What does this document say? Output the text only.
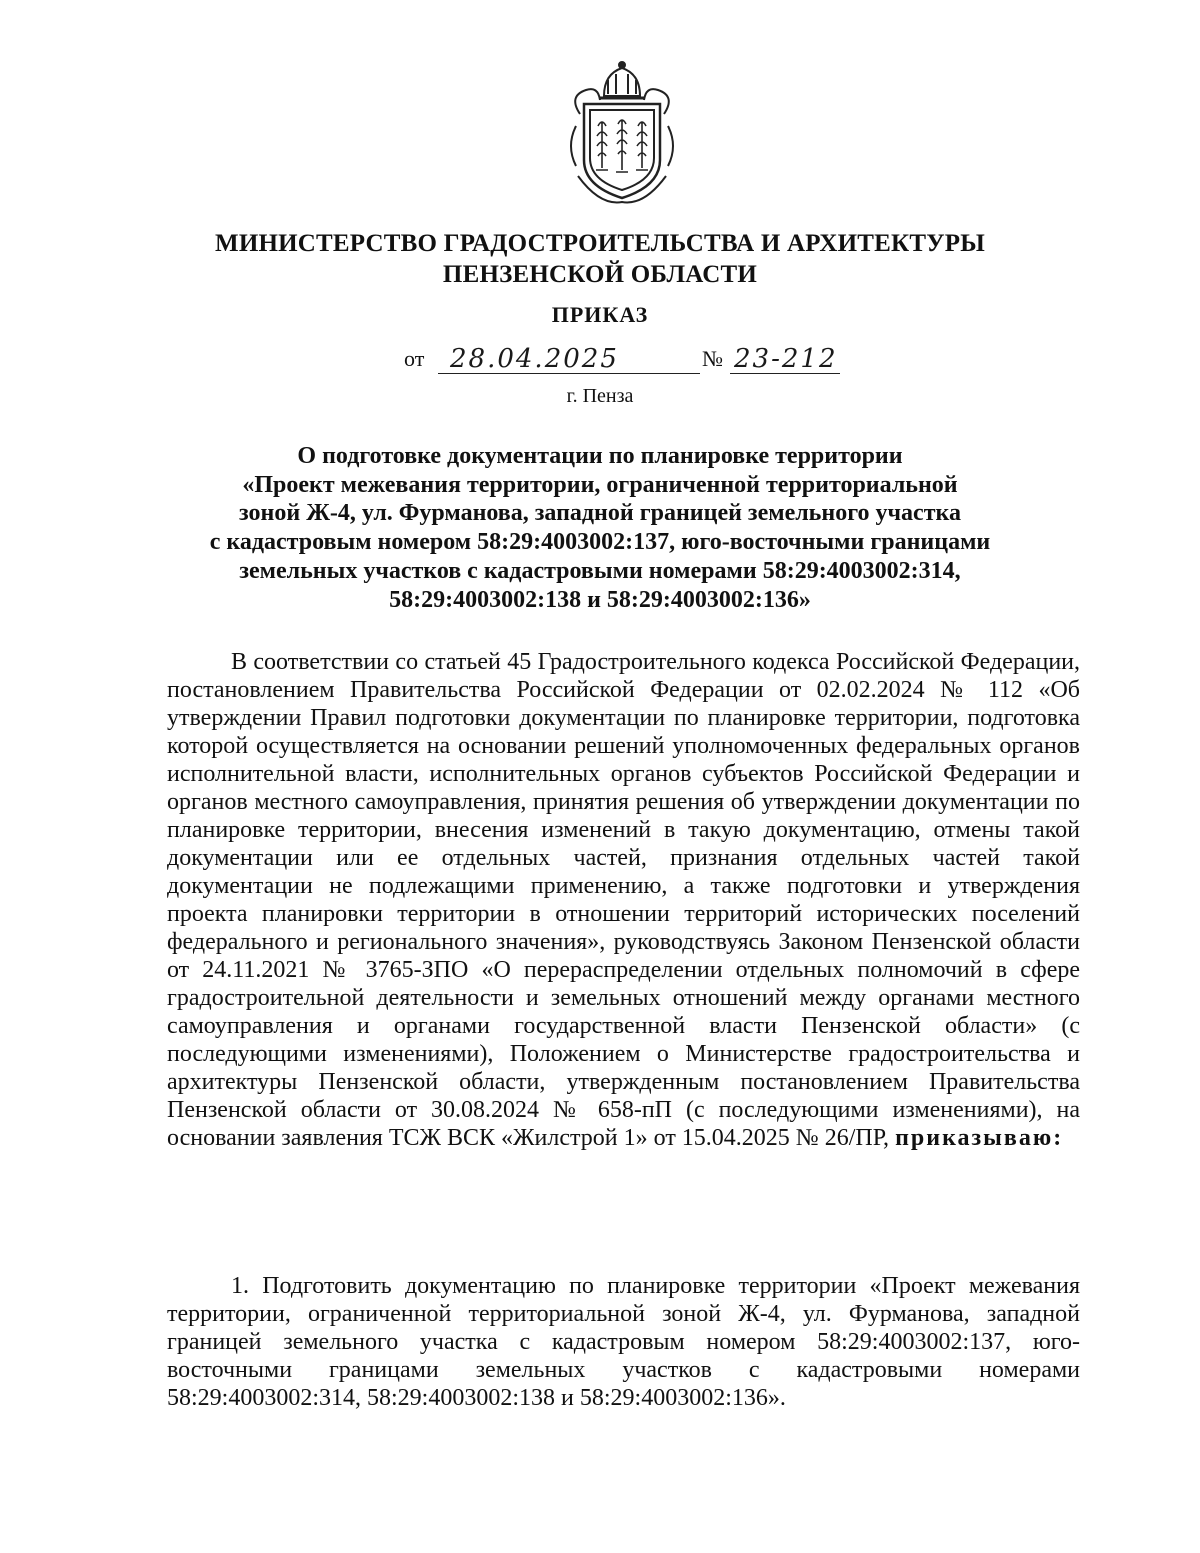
МИНИСТЕРСТВО ГРАДОСТРОИТЕЛЬСТВА И АРХИТЕКТУРЫ
ПЕНЗЕНСКОЙ ОБЛАСТИ
ПРИКАЗ
от 28.04.2025	№ 23-212
г. Пенза
О подготовке документации по планировке территории
«Проект межевания территории, ограниченной территориальной
зоной Ж-4, ул. Фурманова, западной границей земельного участка
с кадастровым номером 58:29:4003002:137, юго-восточными границами
земельных участков с кадастровыми номерами 58:29:4003002:314,
58:29:4003002:138 и 58:29:4003002:136»
В соответствии со статьей 45 Градостроительного кодекса Российской Федерации, постановлением Правительства Российской Федерации от 02.02.2024 № 112 «Об утверждении Правил подготовки документации по планировке территории, подготовка которой осуществляется на основании решений уполномоченных федеральных органов исполнительной власти, исполнительных органов субъектов Российской Федерации и органов местного самоуправления, принятия решения об утверждении документации по планировке территории, внесения изменений в такую документацию, отмены такой документации или ее отдельных частей, признания отдельных частей такой документации не подлежащими применению, а также подготовки и утверждения проекта планировки территории в отношении территорий исторических поселений федерального и регионального значения», руководствуясь Законом Пензенской области от 24.11.2021 № 3765-ЗПО «О перераспределении отдельных полномочий в сфере градостроительной деятельности и земельных отношений между органами местного самоуправления и органами государственной власти Пензенской области» (с последующими изменениями), Положением о Министерстве градостроительства и архитектуры Пензенской области, утвержденным постановлением Правительства Пензенской области от 30.08.2024 № 658-пП (с последующими изменениями), на основании заявления ТСЖ ВСК «Жилстрой 1» от 15.04.2025 № 26/ПР, приказываю:
1. Подготовить документацию по планировке территории «Проект межевания территории, ограниченной территориальной зоной Ж-4, ул. Фурманова, западной границей земельного участка с кадастровым номером 58:29:4003002:137, юго-восточными границами земельных участков с кадастровыми номерами 58:29:4003002:314, 58:29:4003002:138 и 58:29:4003002:136».
